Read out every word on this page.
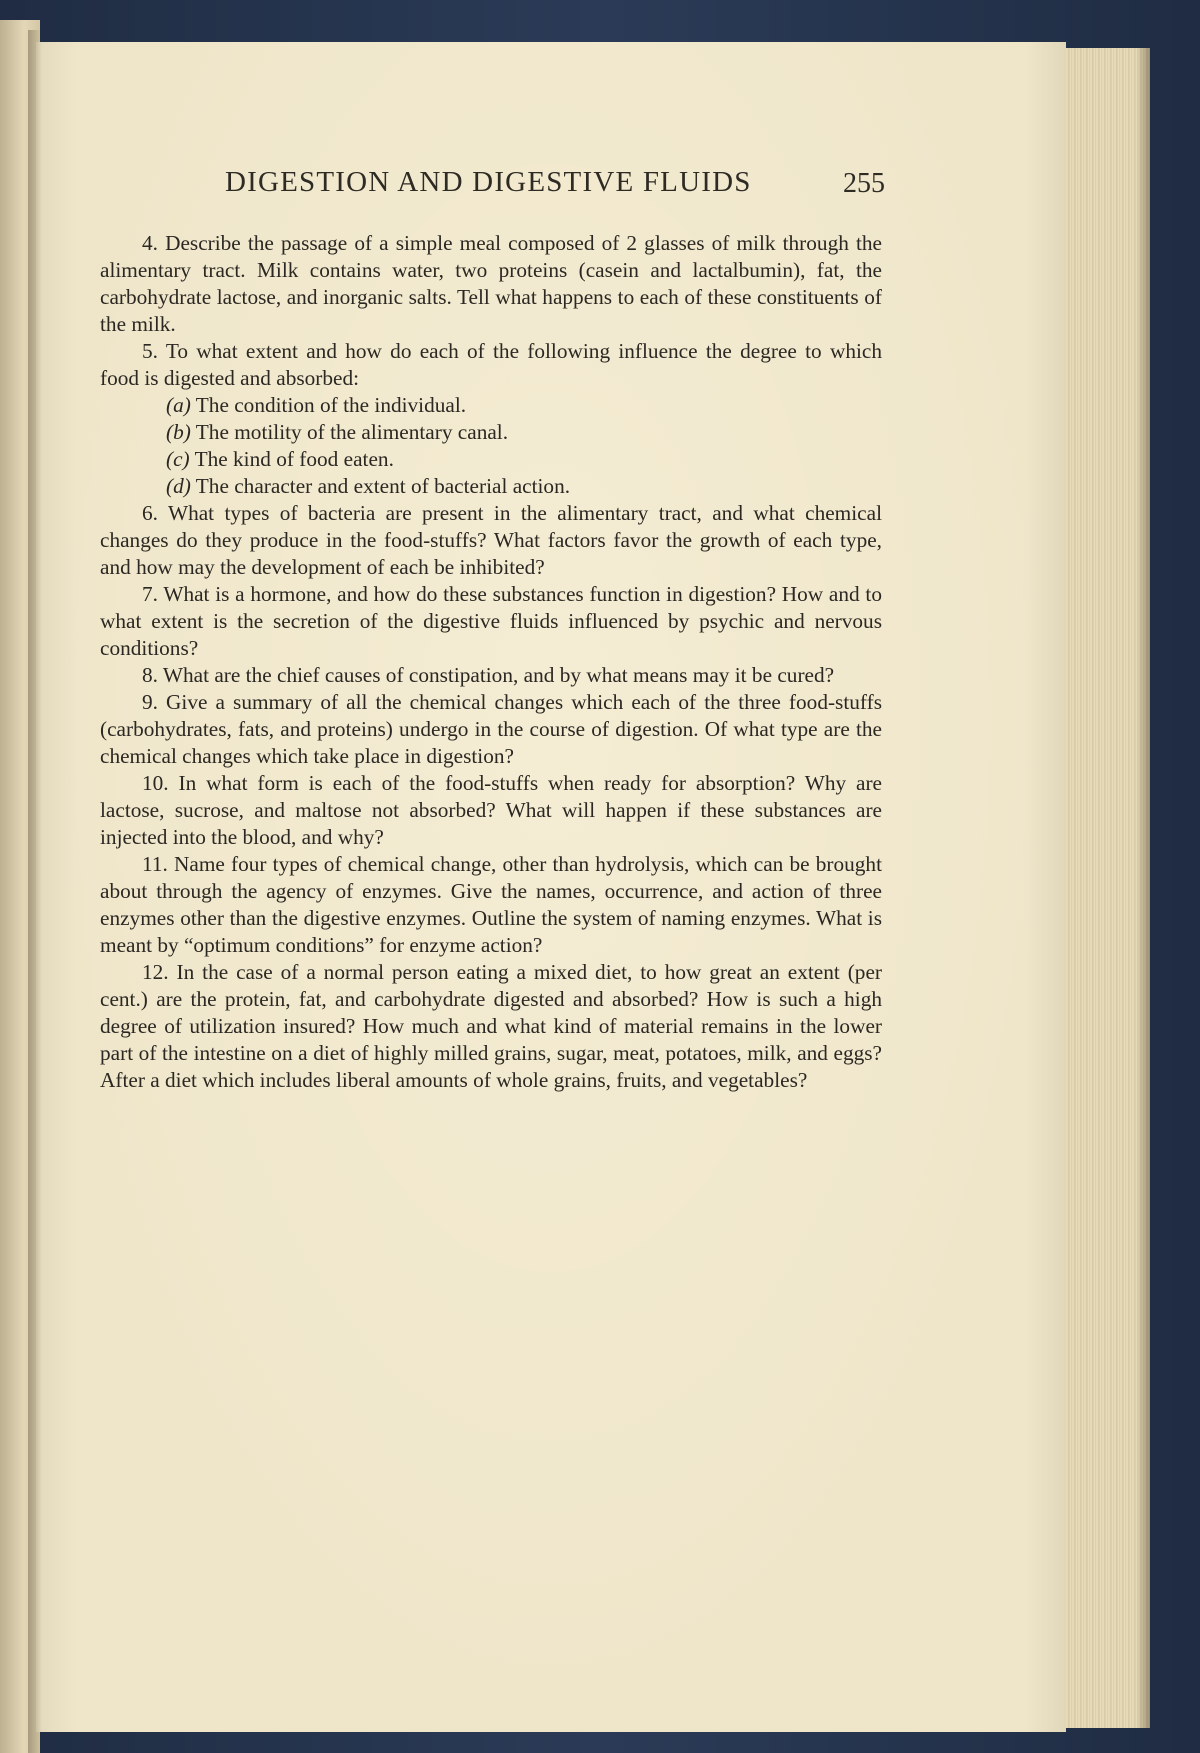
DIGESTION AND DIGESTIVE FLUIDS	255

4. Describe the passage of a simple meal composed of 2 glasses of milk through the alimentary tract. Milk contains water, two proteins (casein and lactalbumin), fat, the carbohydrate lactose, and inorganic salts. Tell what happens to each of these constituents of the milk.

5. To what extent and how do each of the following influence the degree to which food is digested and absorbed:

(a) The condition of the individual.

(b) The motility of the alimentary canal.

(c) The kind of food eaten.

(d) The character and extent of bacterial action.

6. What types of bacteria are present in the alimentary tract, and what chemical changes do they produce in the food-stuffs? What factors favor the growth of each type, and how may the development of each be inhibited?

7. What is a hormone, and how do these substances function in digestion? How and to what extent is the secretion of the digestive fluids influenced by psychic and nervous conditions?

8. What are the chief causes of constipation, and by what means may it be cured?

9. Give a summary of all the chemical changes which each of the three food-stuffs (carbohydrates, fats, and proteins) undergo in the course of digestion. Of what type are the chemical changes which take place in digestion?

10. In what form is each of the food-stuffs when ready for absorption? Why are lactose, sucrose, and maltose not absorbed? What will happen if these substances are injected into the blood, and why?

11. Name four types of chemical change, other than hydrolysis, which can be brought about through the agency of enzymes. Give the names, occurrence, and action of three enzymes other than the digestive enzymes. Outline the system of naming enzymes. What is meant by “optimum conditions” for enzyme action?

12. In the case of a normal person eating a mixed diet, to how great an extent (per cent.) are the protein, fat, and carbohydrate digested and absorbed? How is such a high degree of utilization insured? How much and what kind of material remains in the lower part of the intestine on a diet of highly milled grains, sugar, meat, potatoes, milk, and eggs? After a diet which includes liberal amounts of whole grains, fruits, and vegetables?
